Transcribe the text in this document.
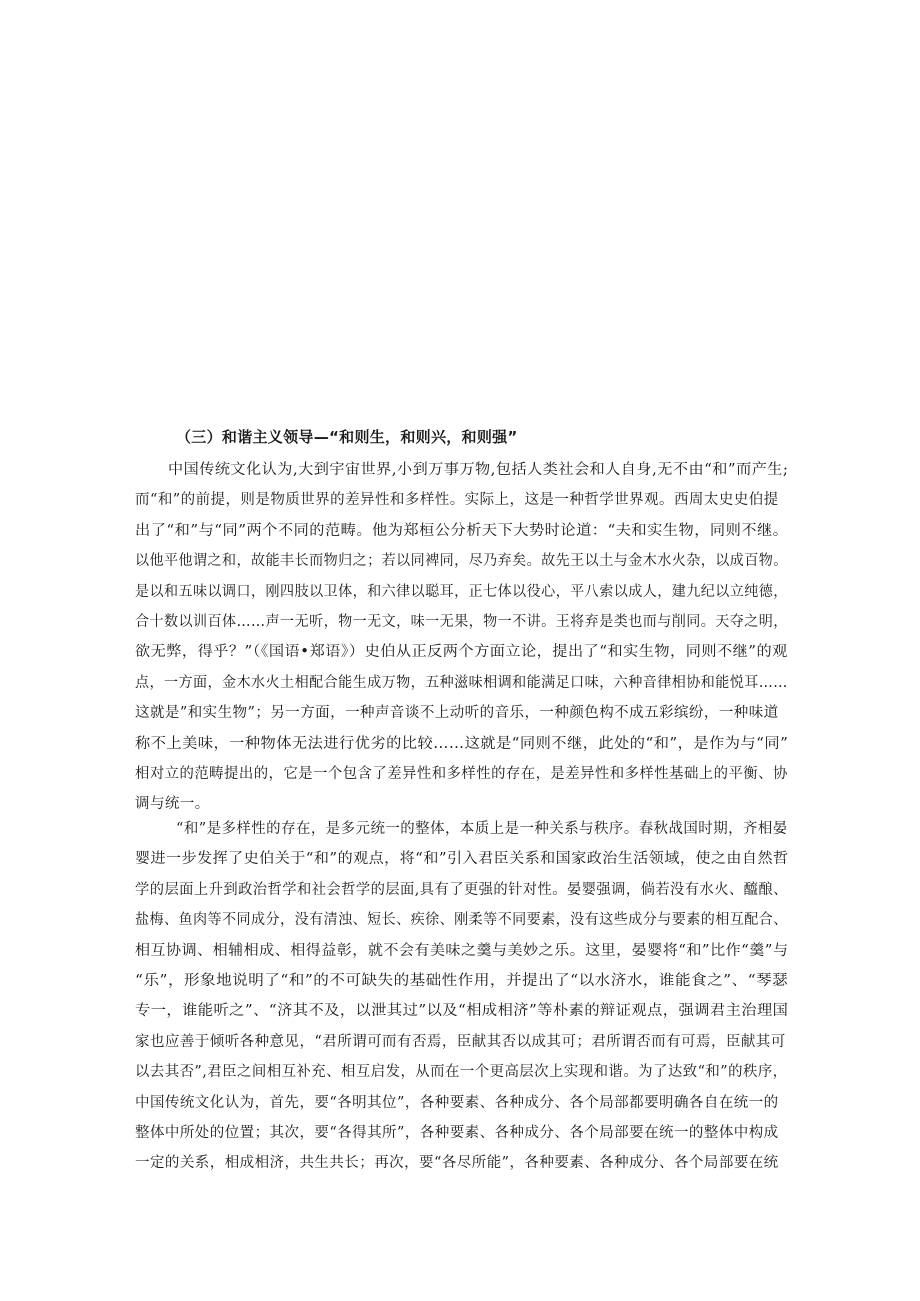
（三）和谐主义领导—“和则生，和则兴，和则强”
中国传统文化认为,大到宇宙世界,小到万事万物,包括人类社会和人自身,无不由“和”而产生;
而“和”的前提，则是物质世界的差异性和多样性。实际上，这是一种哲学世界观。西周太史史伯提
出了“和”与“同”两个不同的范畴。他为郑桓公分析天下大势时论道：“夫和实生物，同则不继。
以他平他谓之和，故能丰长而物归之；若以同裨同，尽乃弃矣。故先王以土与金木水火杂，以成百物。
是以和五味以调口，刚四肢以卫体，和六律以聪耳，正七体以役心，平八索以成人，建九纪以立纯德，
合十数以训百体……声一无听，物一无文，味一无果，物一不讲。王将弃是类也而与削同。天夺之明，
欲无弊，得乎？”（《国语•郑语》）史伯从正反两个方面立论，提出了“和实生物，同则不继”的观
点，一方面，金木水火土相配合能生成万物，五种滋味相调和能满足口味，六种音律相协和能悦耳……
这就是”和实生物”；另一方面，一种声音谈不上动听的音乐，一种颜色构不成五彩缤纷，一种味道
称不上美味，一种物体无法进行优劣的比较……这就是“同则不继，此处的“和”，是作为与“同”
相对立的范畴提出的，它是一个包含了差异性和多样性的存在，是差异性和多样性基础上的平衡、协
调与统一。
“和”是多样性的存在，是多元统一的整体，本质上是一种关系与秩序。春秋战国时期，齐相晏
婴进一步发挥了史伯关于“和”的观点，将“和”引入君臣关系和国家政治生活领域，使之由自然哲
学的层面上升到政治哲学和社会哲学的层面,具有了更强的针对性。晏婴强调，倘若没有水火、醯酿、
盐梅、鱼肉等不同成分，没有清浊、短长、疾徐、刚柔等不同要素，没有这些成分与要素的相互配合、
相互协调、相辅相成、相得益彰，就不会有美味之羹与美妙之乐。这里，晏婴将“和”比作“羹”与
“乐”，形象地说明了“和”的不可缺失的基础性作用，并提出了“以水济水，谁能食之”、“琴瑟
专一，谁能听之”、“济其不及，以泄其过”以及“相成相济”等朴素的辩证观点，强调君主治理国
家也应善于倾听各种意见，“君所谓可而有否焉，臣献其否以成其可；君所谓否而有可焉，臣献其可
以去其否”,君臣之间相互补充、相互启发，从而在一个更高层次上实现和谐。为了达致“和”的秩序，
中国传统文化认为，首先，要“各明其位”，各种要素、各种成分、各个局部都要明确各自在统一的
整体中所处的位置；其次，要“各得其所”，各种要素、各种成分、各个局部要在统一的整体中构成
一定的关系，相成相济，共生共长；再次，要“各尽所能”，各种要素、各种成分、各个局部要在统
